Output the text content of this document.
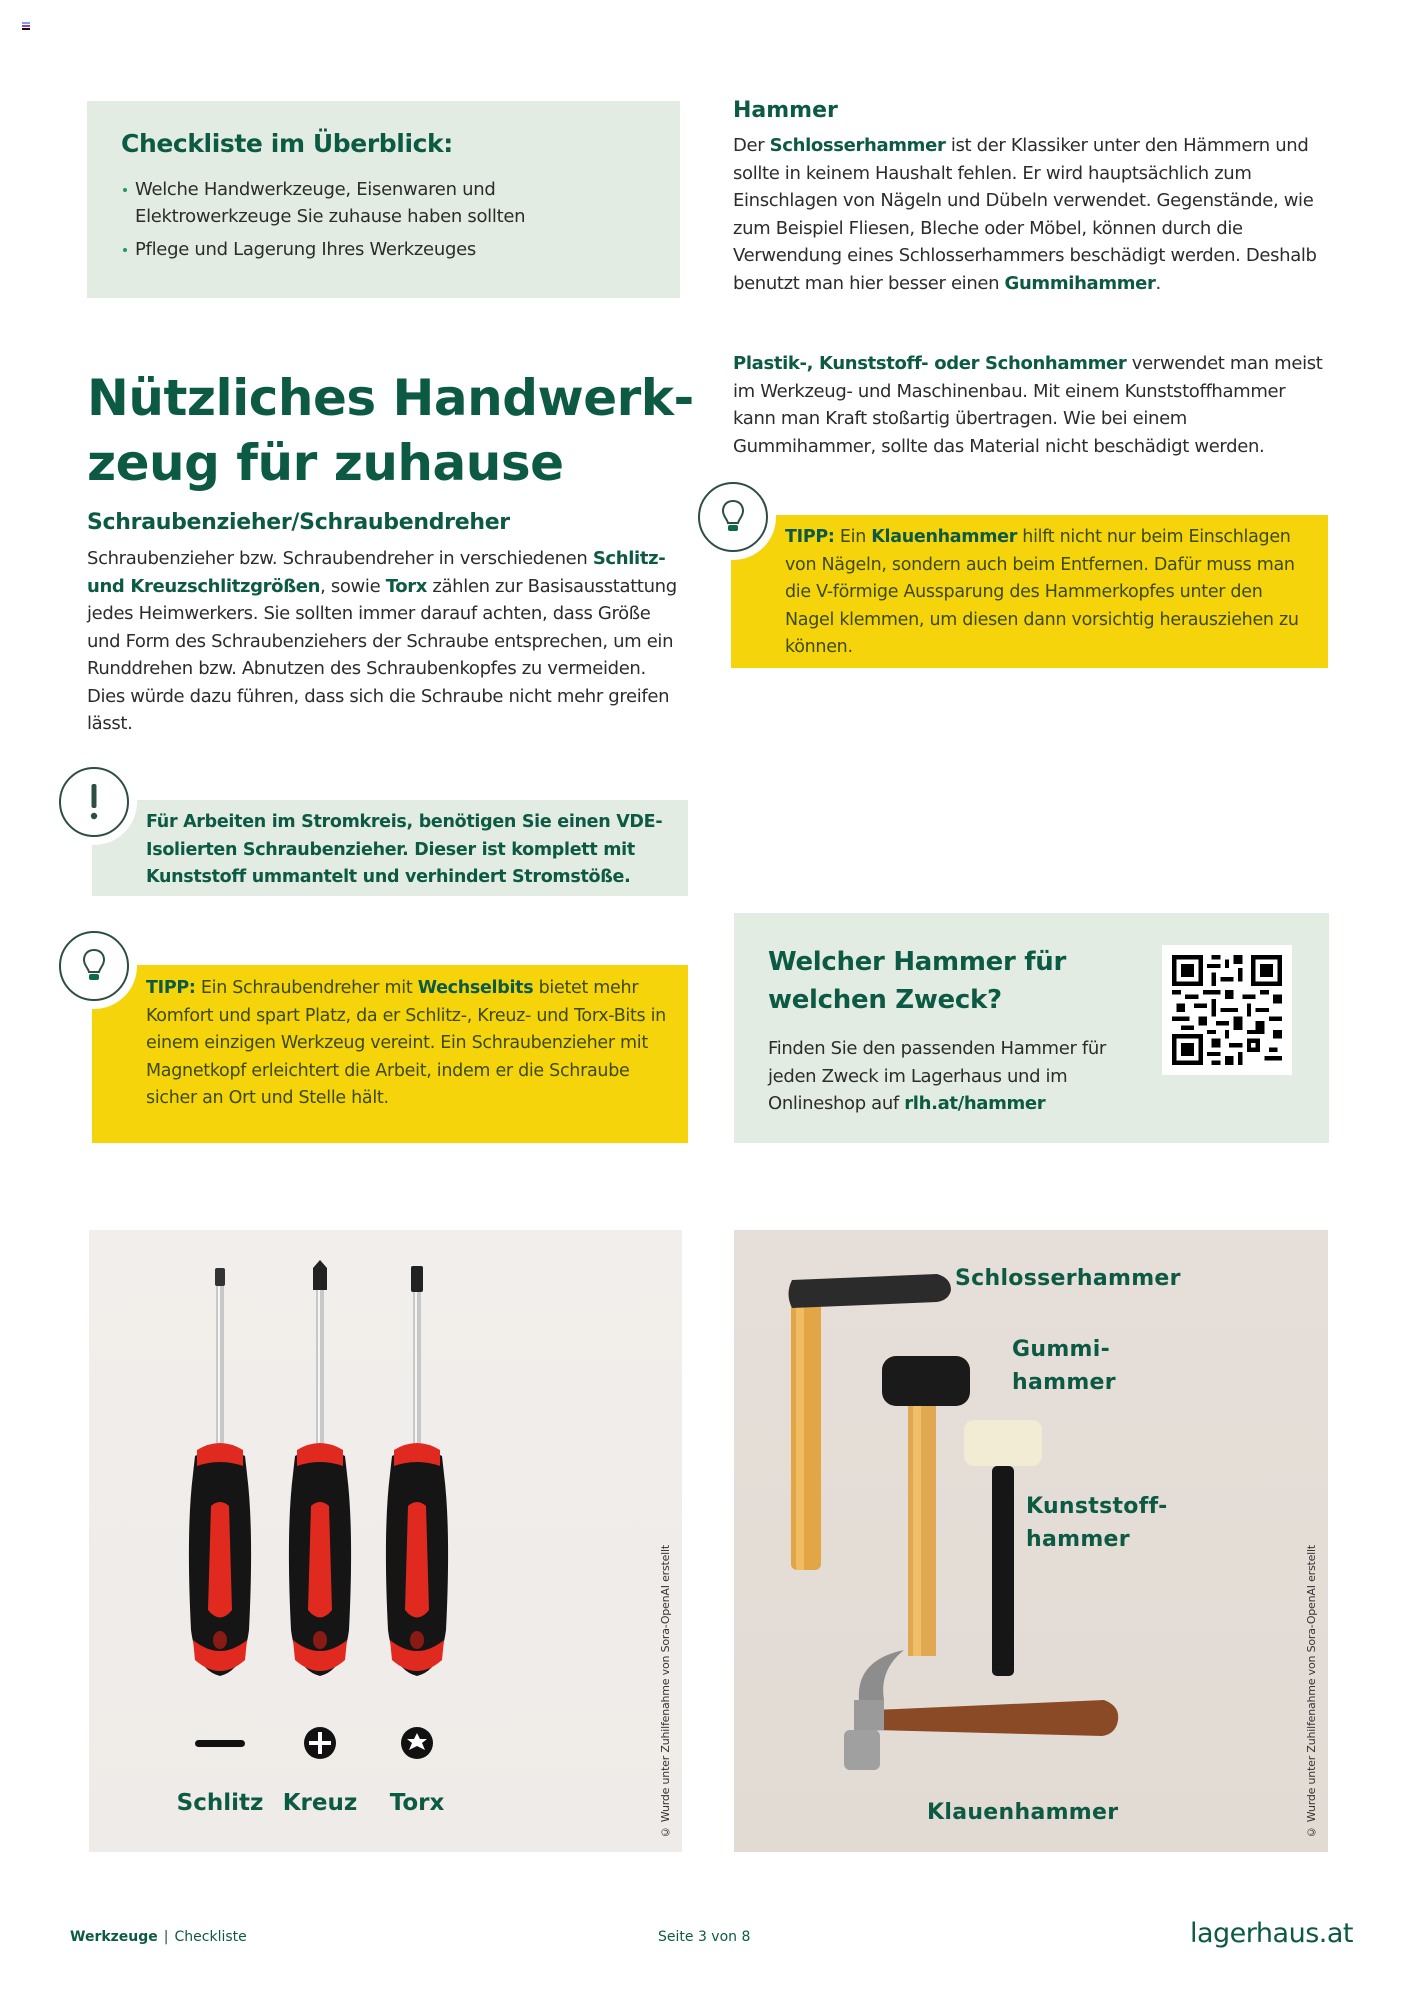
Checkliste im Überblick:
Welche Handwerkzeuge, Eisenwaren und Elektrowerkzeuge Sie zuhause haben sollten
Pflege und Lagerung Ihres Werkzeuges
Nützliches Handwerk-zeug für zuhause
Schraubenzieher/Schraubendreher

Schraubenzieher bzw. Schraubendreher in verschiedenen Schlitz- und Kreuzschlitzgrößen, sowie Torx zählen zur Basisausstattung jedes Heimwerkers. Sie sollten immer darauf achten, dass Größe und Form des Schraubenziehers der Schraube entsprechen, um ein Runddrehen bzw. Abnutzen des Schraubenkopfes zu vermeiden. Dies würde dazu führen, dass sich die Schraube nicht mehr greifen lässt.

Für Arbeiten im Stromkreis, benötigen Sie einen VDE-Isolierten Schraubenzieher. Dieser ist komplett mit Kunststoff ummantelt und verhindert Stromstöße.
TIPP: Ein Schraubendreher mit Wechselbits bietet mehr Komfort und spart Platz, da er Schlitz-, Kreuz- und Torx-Bits in einem einzigen Werkzeug vereint. Ein Schraubenzieher mit Magnetkopf erleichtert die Arbeit, indem er die Schraube sicher an Ort und Stelle hält.
Hammer

Der Schlosserhammer ist der Klassiker unter den Hämmern und sollte in keinem Haushalt fehlen. Er wird hauptsächlich zum Einschlagen von Nägeln und Dübeln verwendet. Gegenstände, wie zum Beispiel Fliesen, Bleche oder Möbel, können durch die Verwendung eines Schlosserhammers beschädigt werden. Deshalb benutzt man hier besser einen Gummihammer.

Plastik-, Kunststoff- oder Schonhammer verwendet man meist im Werkzeug- und Maschinenbau. Mit einem Kunststoffhammer kann man Kraft stoßartig übertragen. Wie bei einem Gummihammer, sollte das Material nicht beschädigt werden.

TIPP: Ein Klauenhammer hilft nicht nur beim Einschlagen von Nägeln, sondern auch beim Entfernen. Dafür muss man die V-förmige Aussparung des Hammerkopfes unter den Nagel klemmen, um diesen dann vorsichtig herausziehen zu können.
Welcher Hammer für welchen Zweck?

Finden Sie den passenden Hammer für jeden Zweck im Lagerhaus und im Onlineshop auf rlh.at/hammer

Schlitz Kreuz	Torx	© Wurde unter Zuhilfenahme von Sora-OpenAI erstellt
Schlosserhammer
Gummi-
hammer
Kunststoff-
hammer
Klauenhammer	© Wurde unter Zuhilfenahme von Sora-OpenAI erstellt
Werkzeuge | Checkliste	Seite 3 von 8	lagerhaus.at
